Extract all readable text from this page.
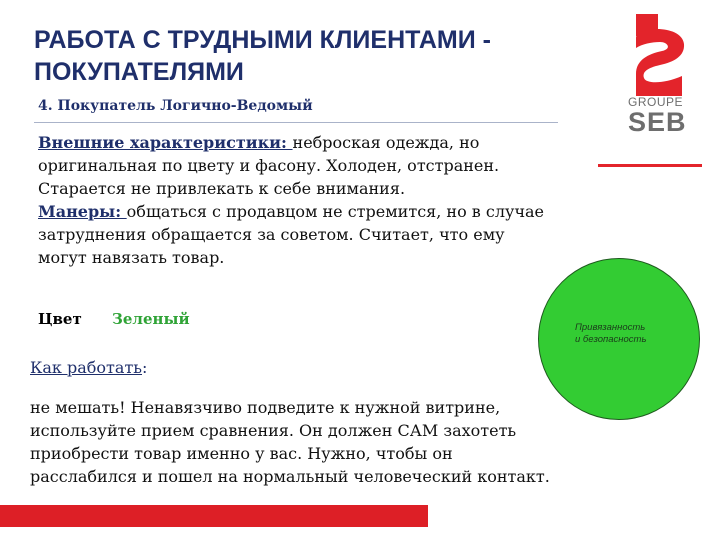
РАБОТА С ТРУДНЫМИ КЛИЕНТАМИ -
ПОКУПАТЕЛЯМИ
GROUPE
SEB
4. Покупатель Логично-Ведомый
Внешние характеристики: неброская одежда, но оригинальная по цвету и фасону. Холоден, отстранен. Старается не привлекать к себе внимания.
Манеры: общаться с продавцом не стремится, но в случае затруднения обращается за советом. Считает, что ему могут навязать товар.
Цвет Зеленый
Как работать:
не мешать! Ненавязчиво подведите к нужной витрине, используйте прием сравнения. Он должен САМ захотеть приобрести товар именно у вас. Нужно, чтобы он расслабился и пошел на нормальный человеческий контакт.
Привязанность
и безопасность
